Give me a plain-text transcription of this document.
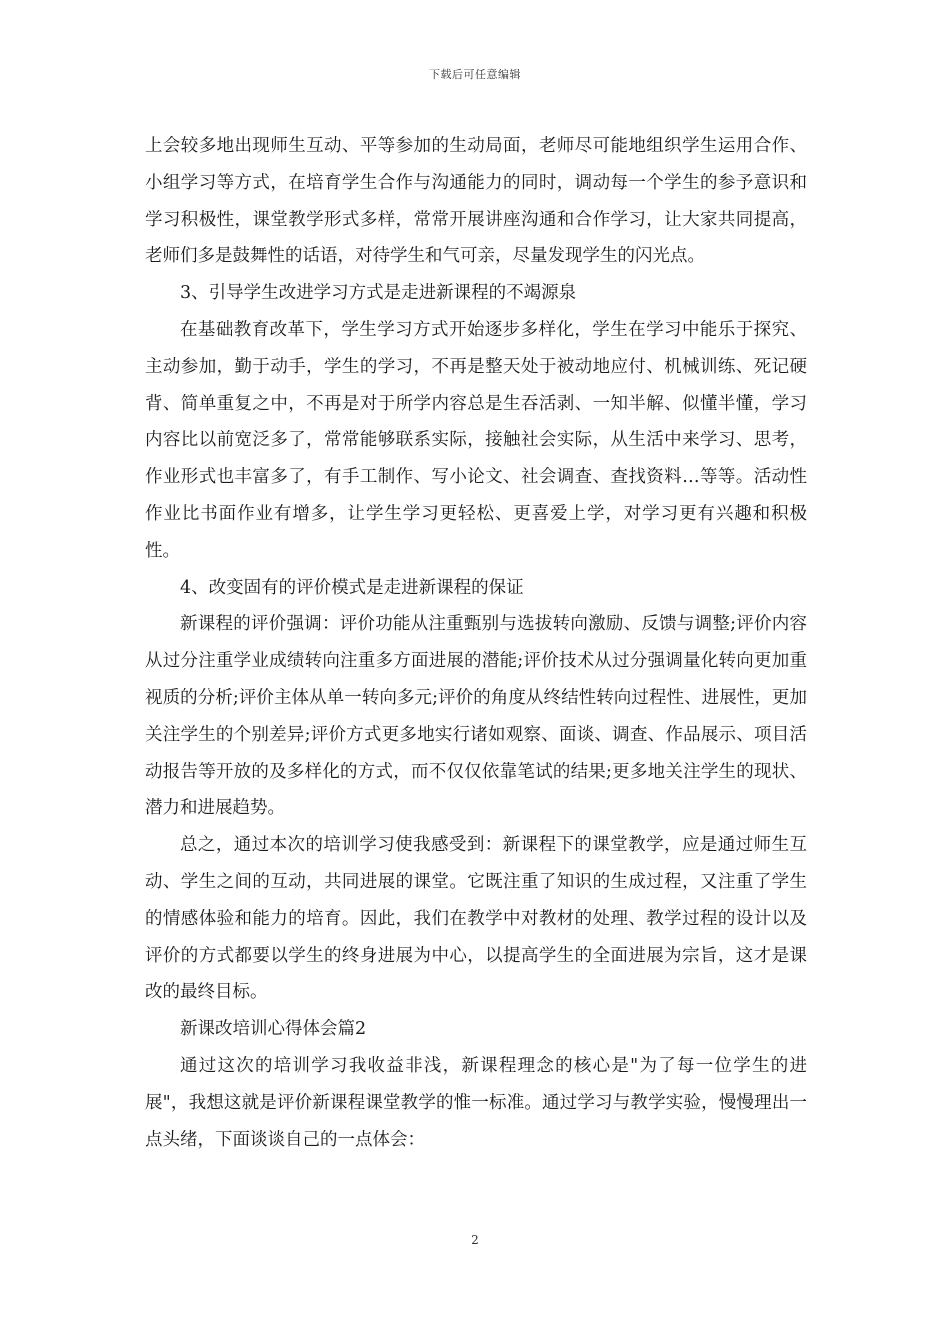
下载后可任意编辑

上会较多地出现师生互动、平等参加的生动局面，老师尽可能地组织学生运用合作、小组学习等方式，在培育学生合作与沟通能力的同时，调动每一个学生的参予意识和学习积极性，课堂教学形式多样，常常开展讲座沟通和合作学习，让大家共同提高，老师们多是鼓舞性的话语，对待学生和气可亲，尽量发现学生的闪光点。

3、引导学生改进学习方式是走进新课程的不竭源泉

在基础教育改革下，学生学习方式开始逐步多样化，学生在学习中能乐于探究、主动参加，勤于动手，学生的学习，不再是整天处于被动地应付、机械训练、死记硬背、简单重复之中，不再是对于所学内容总是生吞活剥、一知半解、似懂半懂，学习内容比以前宽泛多了，常常能够联系实际，接触社会实际，从生活中来学习、思考，作业形式也丰富多了，有手工制作、写小论文、社会调查、查找资料…等等。活动性作业比书面作业有增多，让学生学习更轻松、更喜爱上学，对学习更有兴趣和积极性。

4、改变固有的评价模式是走进新课程的保证

新课程的评价强调：评价功能从注重甄别与选拔转向激励、反馈与调整;评价内容从过分注重学业成绩转向注重多方面进展的潜能;评价技术从过分强调量化转向更加重视质的分析;评价主体从单一转向多元;评价的角度从终结性转向过程性、进展性，更加关注学生的个别差异;评价方式更多地实行诸如观察、面谈、调查、作品展示、项目活动报告等开放的及多样化的方式，而不仅仅依靠笔试的结果;更多地关注学生的现状、潜力和进展趋势。

总之，通过本次的培训学习使我感受到：新课程下的课堂教学，应是通过师生互动、学生之间的互动，共同进展的课堂。它既注重了知识的生成过程，又注重了学生的情感体验和能力的培育。因此，我们在教学中对教材的处理、教学过程的设计以及评价的方式都要以学生的终身进展为中心，以提高学生的全面进展为宗旨，这才是课改的最终目标。

新课改培训心得体会篇2

通过这次的培训学习我收益非浅，新课程理念的核心是"为了每一位学生的进展"，我想这就是评价新课程课堂教学的惟一标准。通过学习与教学实验，慢慢理出一点头绪，下面谈谈自己的一点体会：

2
